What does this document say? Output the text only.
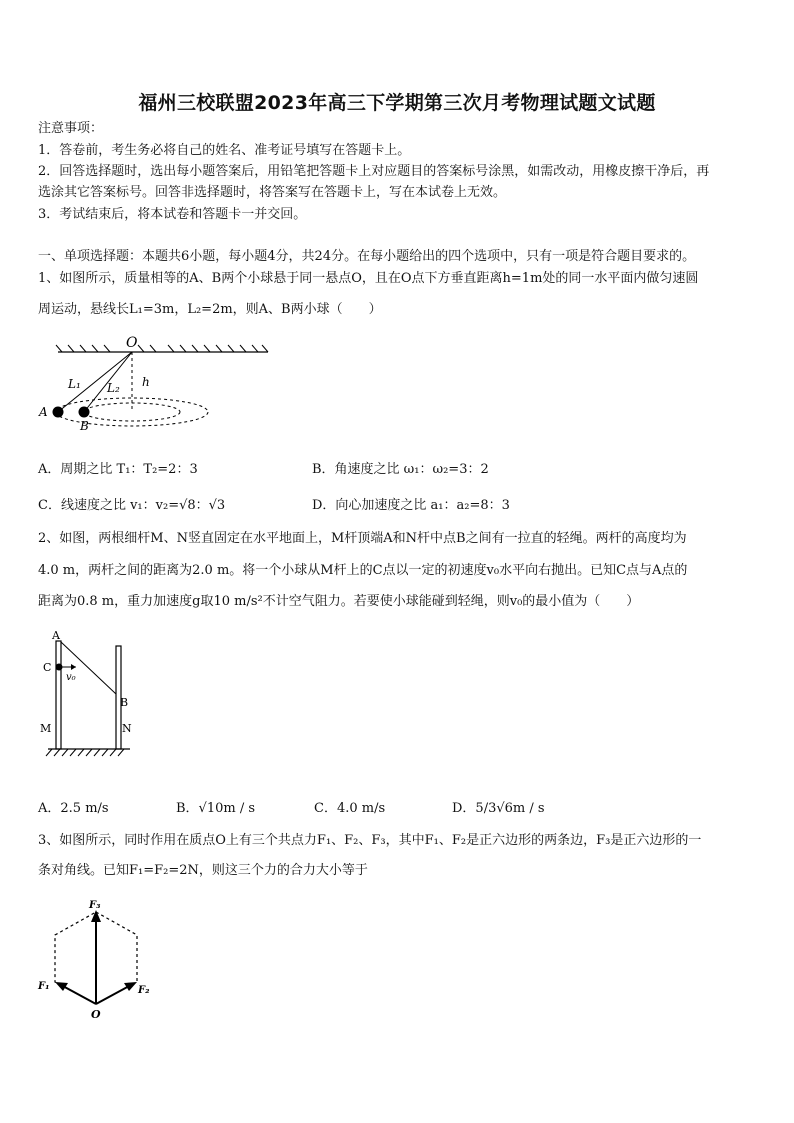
福州三校联盟2023年高三下学期第三次月考物理试题文试题
注意事项：
1．答卷前，考生务必将自己的姓名、准考证号填写在答题卡上。
2．回答选择题时，选出每小题答案后，用铅笔把答题卡上对应题目的答案标号涂黑，如需改动，用橡皮擦干净后，再
选涂其它答案标号。回答非选择题时，将答案写在答题卡上，写在本试卷上无效。
3．考试结束后，将本试卷和答题卡一并交回。
一、单项选择题：本题共6小题，每小题4分，共24分。在每小题给出的四个选项中，只有一项是符合题目要求的。
1、如图所示，质量相等的A、B两个小球悬于同一悬点O，且在O点下方垂直距离h=1m处的同一水平面内做匀速圆
周运动，悬线长L₁=3m，L₂=2m，则A、B两小球（　　）
O
L₁ L₂ h
A
B
A．周期之比 T₁：T₂=2：3	B．角速度之比 ω₁：ω₂=3：2
C．线速度之比 v₁：v₂=√8：√3	D．向心加速度之比 a₁：a₂=8：3
2、如图，两根细杆M、N竖直固定在水平地面上，M杆顶端A和N杆中点B之间有一拉直的轻绳。两杆的高度均为
4.0 m，两杆之间的距离为2.0 m。将一个小球从M杆上的C点以一定的初速度v₀水平向右抛出。已知C点与A点的
距离为0.8 m，重力加速度g取10 m/s²不计空气阻力。若要使小球能碰到轻绳，则v₀的最小值为（　　）
A
C
v₀
B
M	N
A．2.5 m/s	B．√10m / s	C．4.0 m/s	D．5/3√6m / s
3、如图所示，同时作用在质点O上有三个共点力F₁、F₂、F₃，其中F₁、F₂是正六边形的两条边，F₃是正六边形的一
条对角线。已知F₁=F₂=2N，则这三个力的合力大小等于
F₃
F₁	F₂
O
